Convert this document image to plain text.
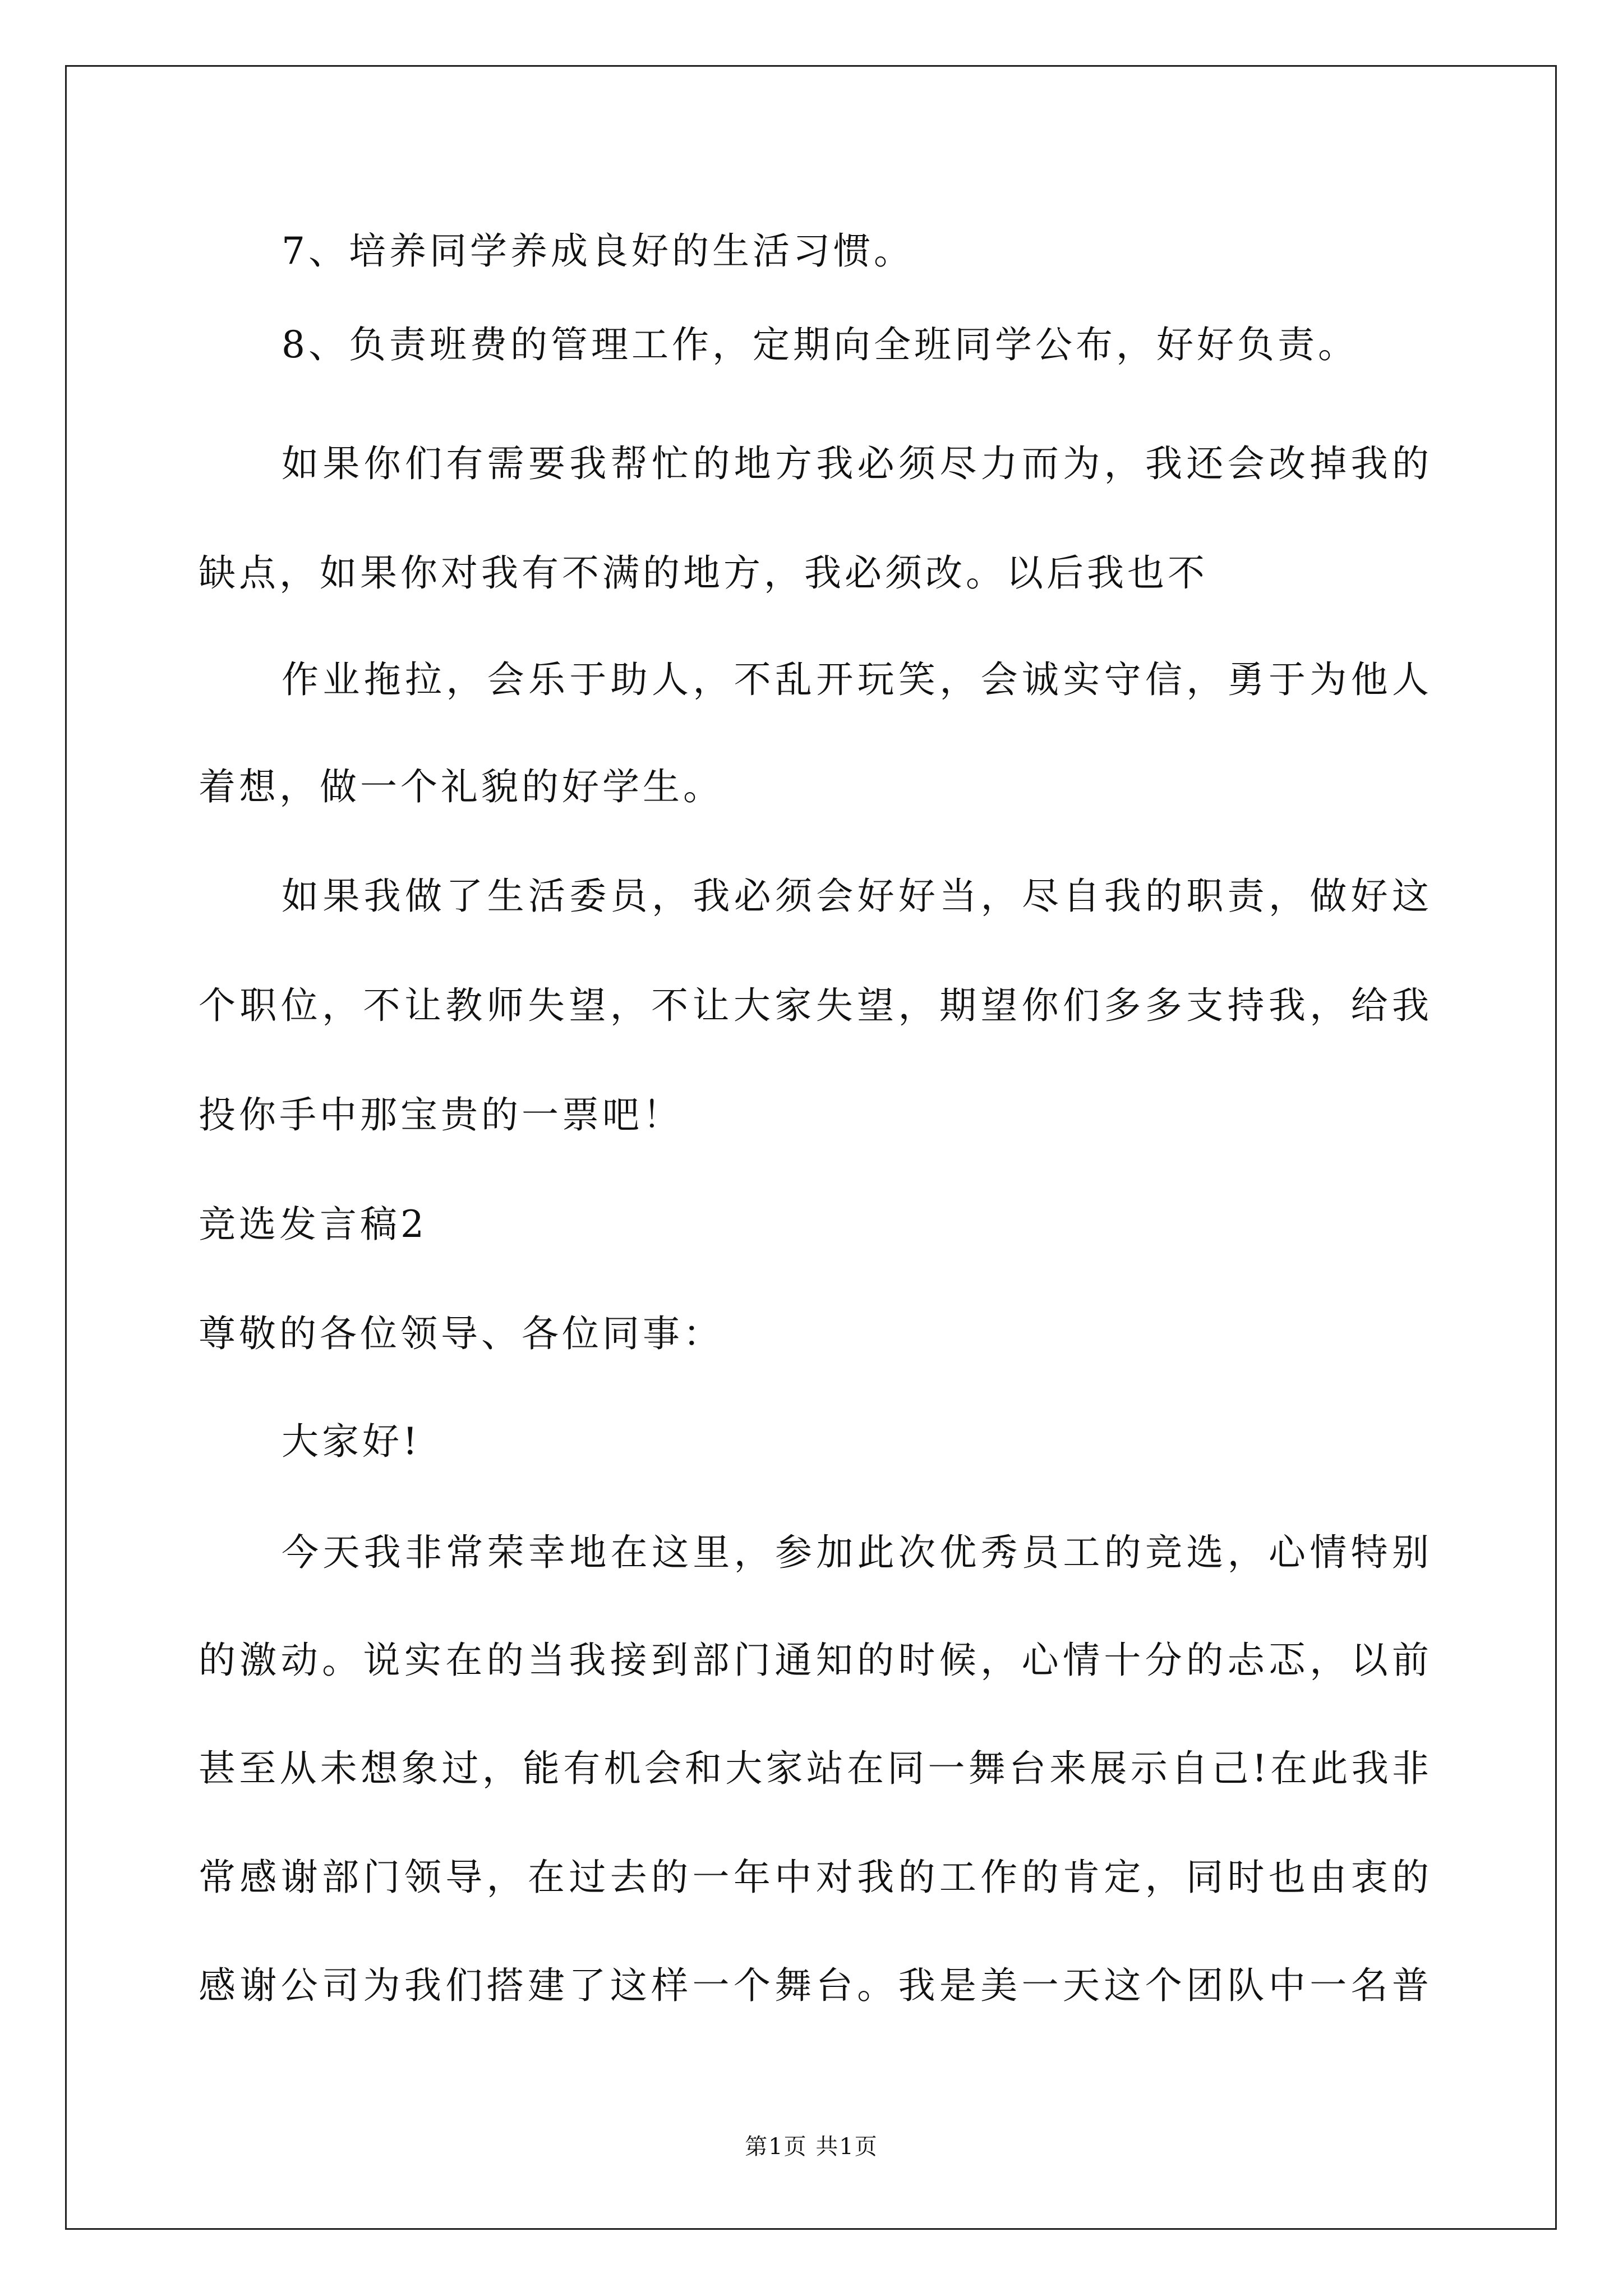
7、培养同学养成良好的生活习惯。
8、负责班费的管理工作，定期向全班同学公布，好好负责。
如果你们有需要我帮忙的地方我必须尽力而为，我还会改掉我的
缺点，如果你对我有不满的地方，我必须改。以后我也不
作业拖拉，会乐于助人，不乱开玩笑，会诚实守信，勇于为他人
着想，做一个礼貌的好学生。
如果我做了生活委员，我必须会好好当，尽自我的职责，做好这
个职位，不让教师失望，不让大家失望，期望你们多多支持我，给我
投你手中那宝贵的一票吧！
竞选发言稿2
尊敬的各位领导、各位同事：
大家好!
今天我非常荣幸地在这里，参加此次优秀员工的竞选，心情特别
的激动。说实在的当我接到部门通知的时候，心情十分的忐忑，以前
甚至从未想象过，能有机会和大家站在同一舞台来展示自己!在此我非
常感谢部门领导，在过去的一年中对我的工作的肯定，同时也由衷的
感谢公司为我们搭建了这样一个舞台。我是美一天这个团队中一名普
第1页 共1页
